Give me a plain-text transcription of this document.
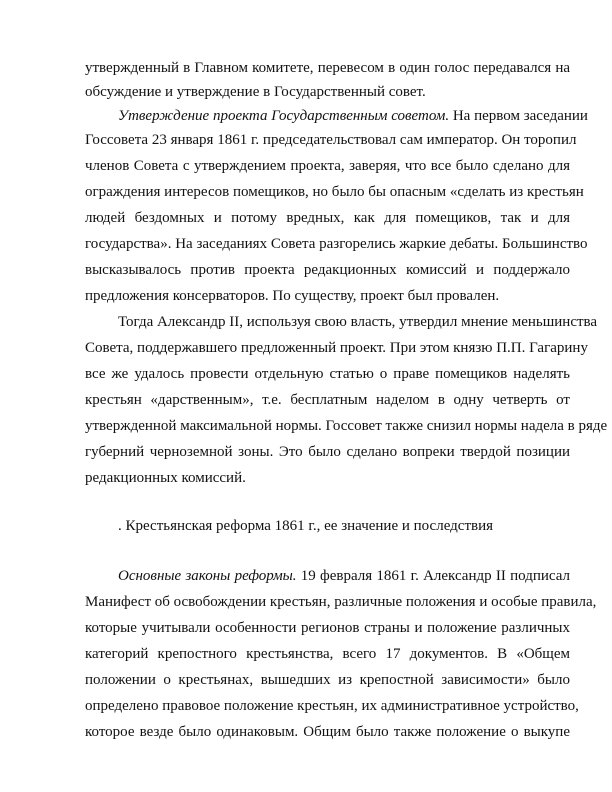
утвержденный в Главном комитете, перевесом в один голос передавался на
обсуждение и утверждение в Государственный совет.
Утверждение проекта Государственным советом. На первом заседании
Госсовета 23 января 1861 г. председательствовал сам император. Он торопил
членов Совета с утверждением проекта, заверяя, что все было сделано для
ограждения интересов помещиков, но было бы опасным «сделать из крестьян
людей бездомных и потому вредных, как для помещиков, так и для
государства». На заседаниях Совета разгорелись жаркие дебаты. Большинство
высказывалось против проекта редакционных комиссий и поддержало
предложения консерваторов. По существу, проект был провален.
Тогда Александр II, используя свою власть, утвердил мнение меньшинства
Совета, поддержавшего предложенный проект. При этом князю П.П. Гагарину
все же удалось провести отдельную статью о праве помещиков наделять
крестьян «дарственным», т.е. бесплатным наделом в одну четверть от
утвержденной максимальной нормы. Госсовет также снизил нормы надела в ряде
губерний черноземной зоны. Это было сделано вопреки твердой позиции
редакционных комиссий.
. Крестьянская реформа 1861 г., ее значение и последствия
Основные законы реформы. 19 февраля 1861 г. Александр II подписал
Манифест об освобождении крестьян, различные положения и особые правила,
которые учитывали особенности регионов страны и положение различных
категорий крепостного крестьянства, всего 17 документов. В «Общем
положении о крестьянах, вышедших из крепостной зависимости» было
определено правовое положение крестьян, их административное устройство,
которое везде было одинаковым. Общим было также положение о выкупе
